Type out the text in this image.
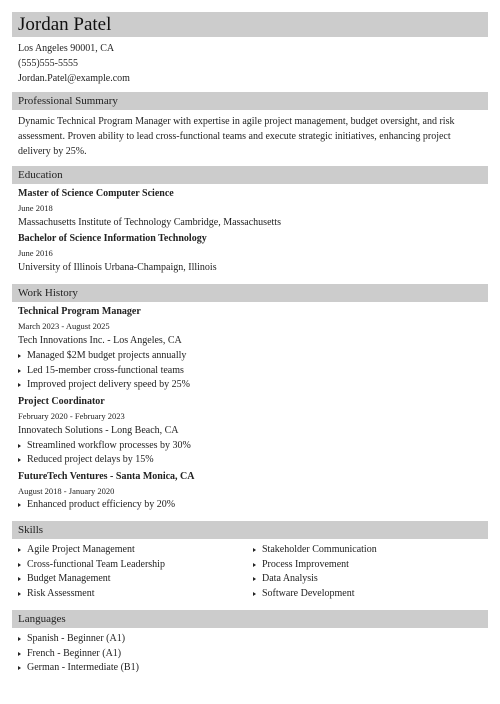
Jordan Patel
Los Angeles 90001, CA
(555)555-5555
Jordan.Patel@example.com
Professional Summary

Dynamic Technical Program Manager with expertise in agile project management, budget oversight, and risk assessment. Proven ability to lead cross-functional teams and execute strategic initiatives, enhancing project delivery by 25%.

Education
Master of Science Computer Science
June 2018
Massachusetts Institute of Technology Cambridge, Massachusetts
Bachelor of Science Information Technology
June 2016
University of Illinois Urbana-Champaign, Illinois
Work History
Technical Program Manager
March 2023 - August 2025
Tech Innovations Inc. - Los Angeles, CA
Managed $2M budget projects annually
Led 15-member cross-functional teams
Improved project delivery speed by 25%
Project Coordinator
February 2020 - February 2023
Innovatech Solutions - Long Beach, CA
Streamlined workflow processes by 30%
Reduced project delays by 15%
FutureTech Ventures - Santa Monica, CA
August 2018 - January 2020
Enhanced product efficiency by 20%
Skills
Agile Project Management
Cross-functional Team Leadership
Budget Management
Risk Assessment
Stakeholder Communication
Process Improvement
Data Analysis
Software Development
Languages
Spanish - Beginner (A1)
French - Beginner (A1)
German - Intermediate (B1)
